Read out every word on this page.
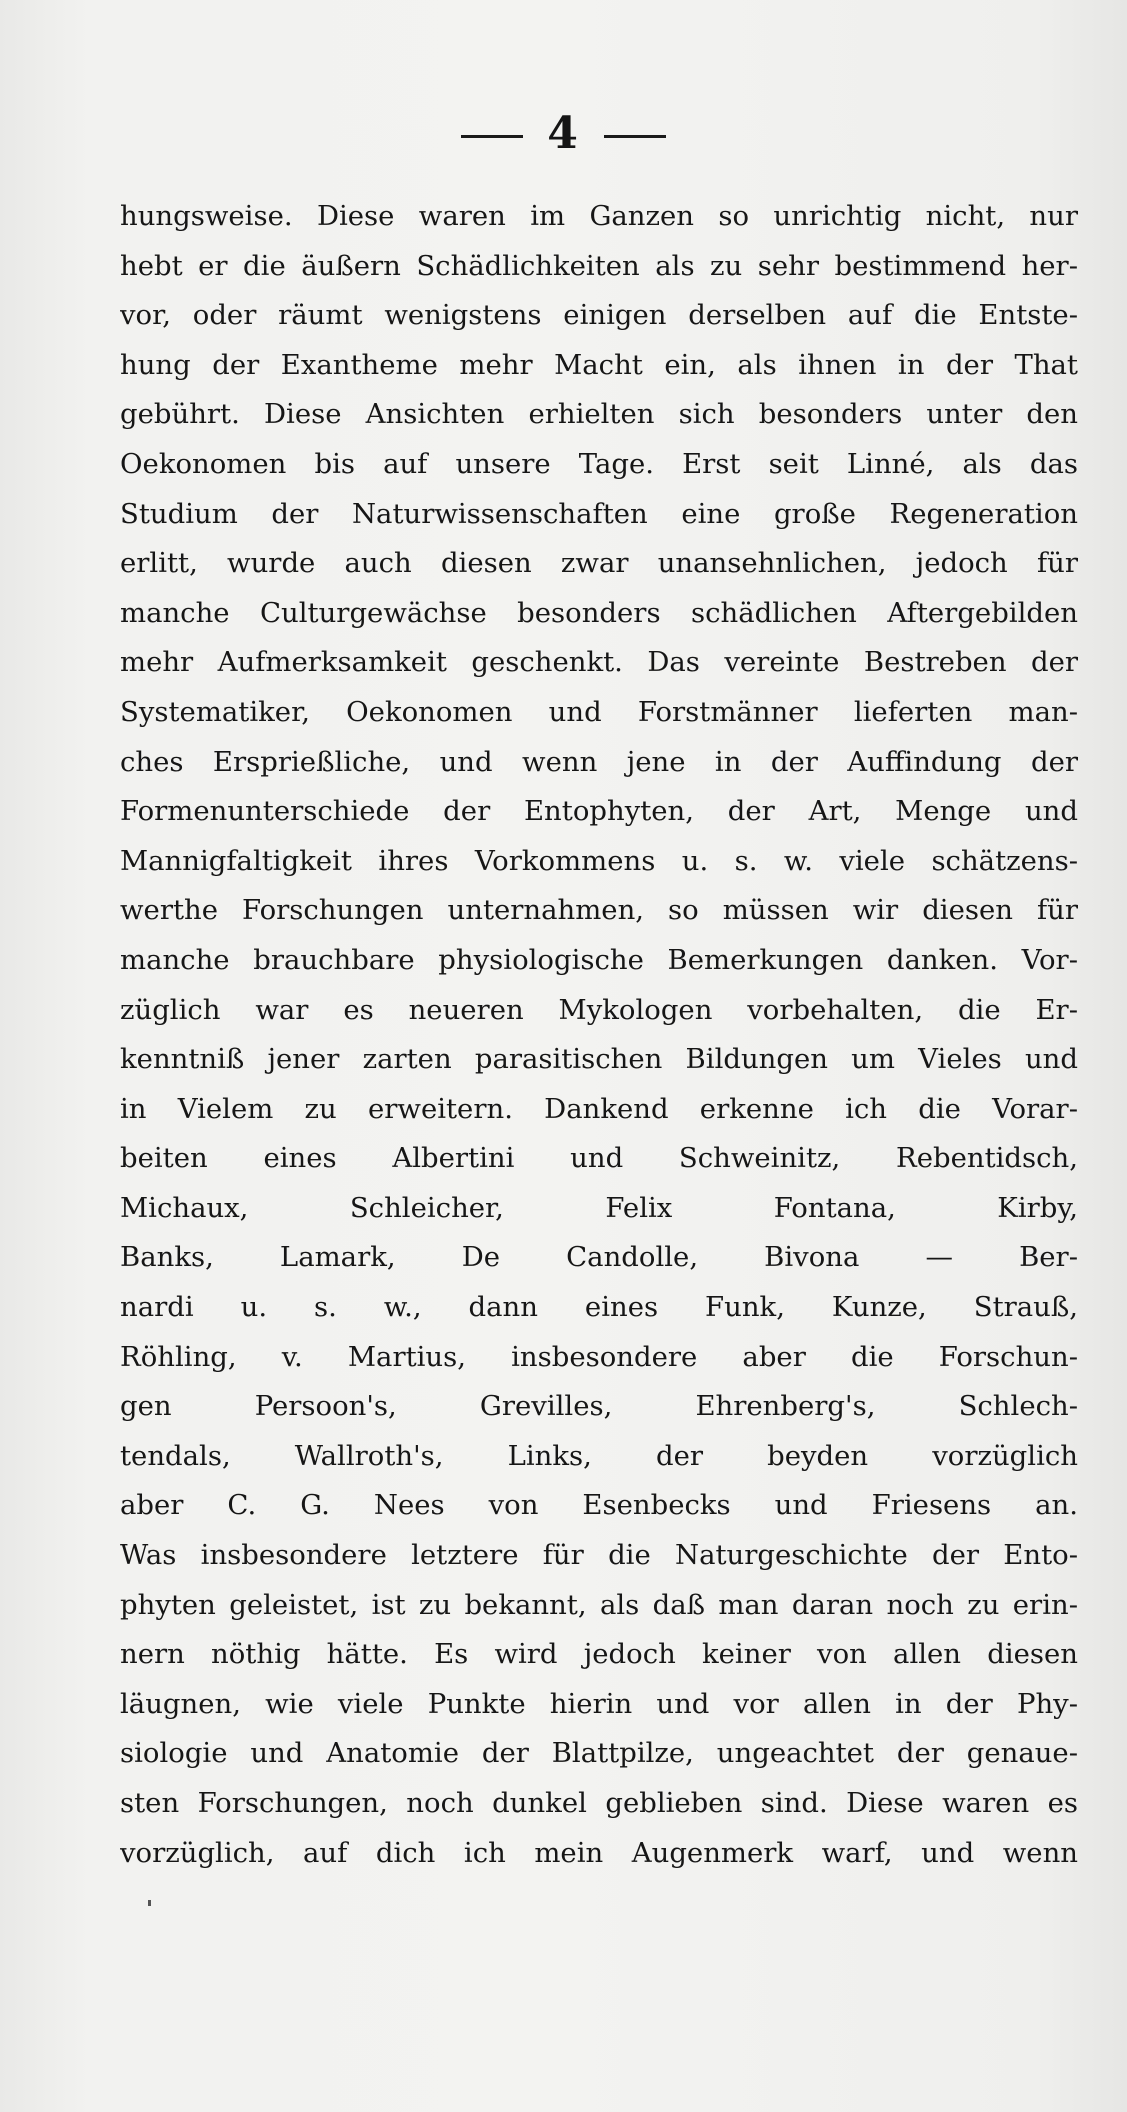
4
hungsweise. Diese waren im Ganzen so unrichtig nicht, nur
hebt er die äußern Schädlichkeiten als zu sehr bestimmend her-
vor, oder räumt wenigstens einigen derselben auf die Entste-
hung der Exantheme mehr Macht ein, als ihnen in der That
gebührt. Diese Ansichten erhielten sich besonders unter den
Oekonomen bis auf unsere Tage. Erst seit Linné, als das
Studium der Naturwissenschaften eine große Regeneration
erlitt, wurde auch diesen zwar unansehnlichen, jedoch für
manche Culturgewächse besonders schädlichen Aftergebilden
mehr Aufmerksamkeit geschenkt. Das vereinte Bestreben der
Systematiker, Oekonomen und Forstmänner lieferten man-
ches Ersprießliche, und wenn jene in der Auffindung der
Formenunterschiede der Entophyten, der Art, Menge und
Mannigfaltigkeit ihres Vorkommens u. s. w. viele schätzens-
werthe Forschungen unternahmen, so müssen wir diesen für
manche brauchbare physiologische Bemerkungen danken. Vor-
züglich war es neueren Mykologen vorbehalten, die Er-
kenntniß jener zarten parasitischen Bildungen um Vieles und
in Vielem zu erweitern. Dankend erkenne ich die Vorar-
beiten eines Albertini und Schweinitz, Rebentidsch,
Michaux, Schleicher, Felix Fontana, Kirby,
Banks, Lamark, De Candolle, Bivona — Ber-
nardi u. s. w., dann eines Funk, Kunze, Strauß,
Röhling, v. Martius, insbesondere aber die Forschun-
gen Persoon's, Grevilles, Ehrenberg's, Schlech-
tendals, Wallroth's, Links, der beyden vorzüglich
aber C. G. Nees von Esenbecks und Friesens an.
Was insbesondere letztere für die Naturgeschichte der Ento-
phyten geleistet, ist zu bekannt, als daß man daran noch zu erin-
nern nöthig hätte. Es wird jedoch keiner von allen diesen
läugnen, wie viele Punkte hierin und vor allen in der Phy-
siologie und Anatomie der Blattpilze, ungeachtet der genaue-
sten Forschungen, noch dunkel geblieben sind. Diese waren es
vorzüglich, auf dich ich mein Augenmerk warf, und wenn
